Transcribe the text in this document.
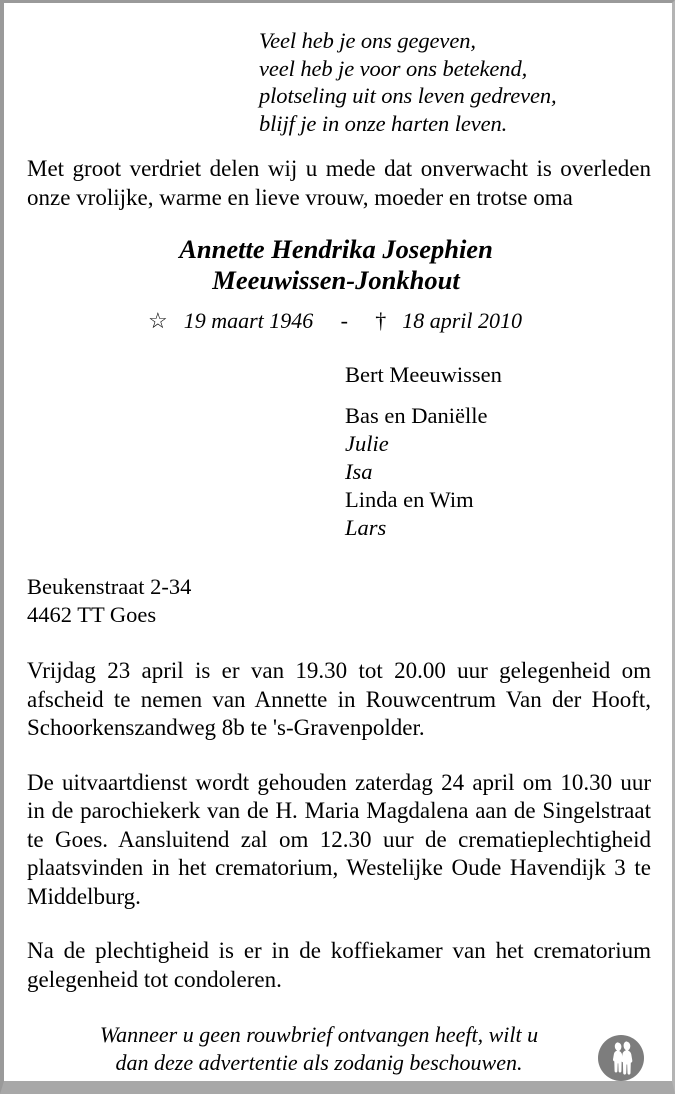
Veel heb je ons gegeven,
veel heb je voor ons betekend,
plotseling uit ons leven gedreven,
blijf je in onze harten leven.
Met groot verdriet delen wij u mede dat onverwacht is overleden onze vrolijke, warme en lieve vrouw, moeder en trotse oma
Annette Hendrika Josephien
Meeuwissen-Jonkhout
☆ 19 maart 1946 - † 18 april 2010
Bert Meeuwissen
Bas en Daniëlle
Julie
Isa
Linda en Wim
Lars
Beukenstraat 2-34
4462 TT Goes
Vrijdag 23 april is er van 19.30 tot 20.00 uur gelegenheid om afscheid te nemen van Annette in Rouwcentrum Van der Hooft, Schoorkenszandweg 8b te 's-Gravenpolder.
De uitvaartdienst wordt gehouden zaterdag 24 april om 10.30 uur in de parochiekerk van de H. Maria Magdalena aan de Singelstraat te Goes. Aansluitend zal om 12.30 uur de crematieplechtigheid plaatsvinden in het crematorium, Westelijke Oude Havendijk 3 te Middelburg.
Na de plechtigheid is er in de koffiekamer van het crematorium gelegenheid tot condoleren.
Wanneer u geen rouwbrief ontvangen heeft, wilt u
dan deze advertentie als zodanig beschouwen.
